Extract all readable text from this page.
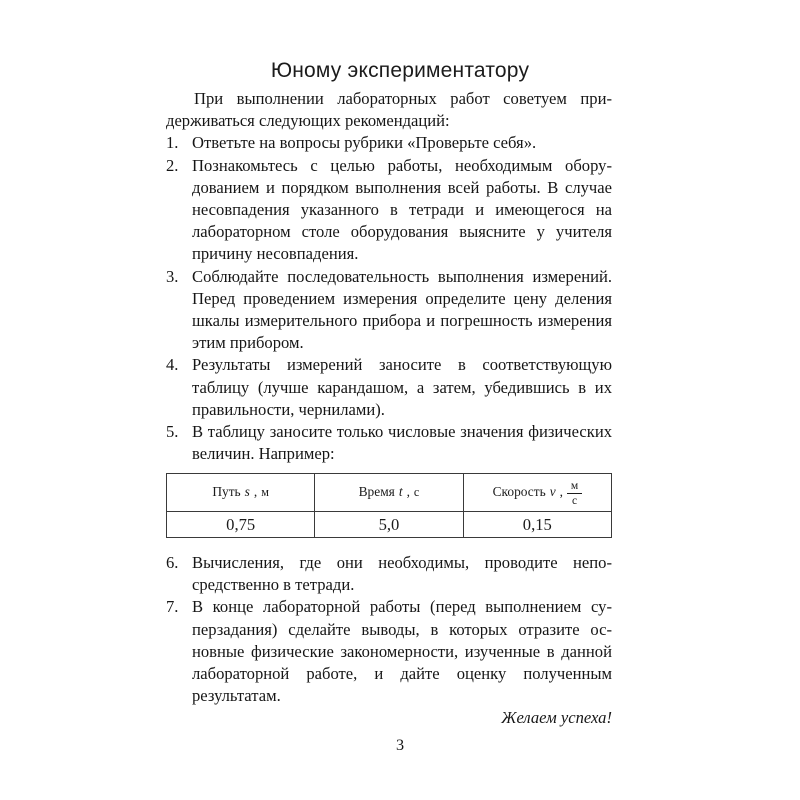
Юному экспериментатору

При выполнении лабораторных работ советуем придерживаться следующих рекомендаций:

1. Ответьте на вопросы рубрики «Проверьте себя».
2. Познакомьтесь с целью работы, необходимым оборудованием и порядком выполнения всей работы. В случае несовпадения указанного в тетради и имеющегося на лабораторном столе оборудования выясните у учителя причину несовпадения.
3. Соблюдайте последовательность выполнения измерений. Перед проведением измерения определите цену деления шкалы измерительного прибора и погрешность измерения этим прибором.
4. Результаты измерений заносите в соответствующую таблицу (лучше карандашом, а затем, убедившись в их правильности, чернилами).
5. В таблицу заносите только числовые значения физических величин. Например:
Путь s , м	Время t , с	Скорость v , $\frac{м}{с}$

0,75	5,0	0,15
6. Вычисления, где они необходимы, проводите непосредственно в тетради.
7. В конце лабораторной работы (перед выполнением суперзадания) сделайте выводы, в которых отразите основные физические закономерности, изученные в данной лабораторной работе, и дайте оценку полученным результатам.

Желаем успеха!

3
